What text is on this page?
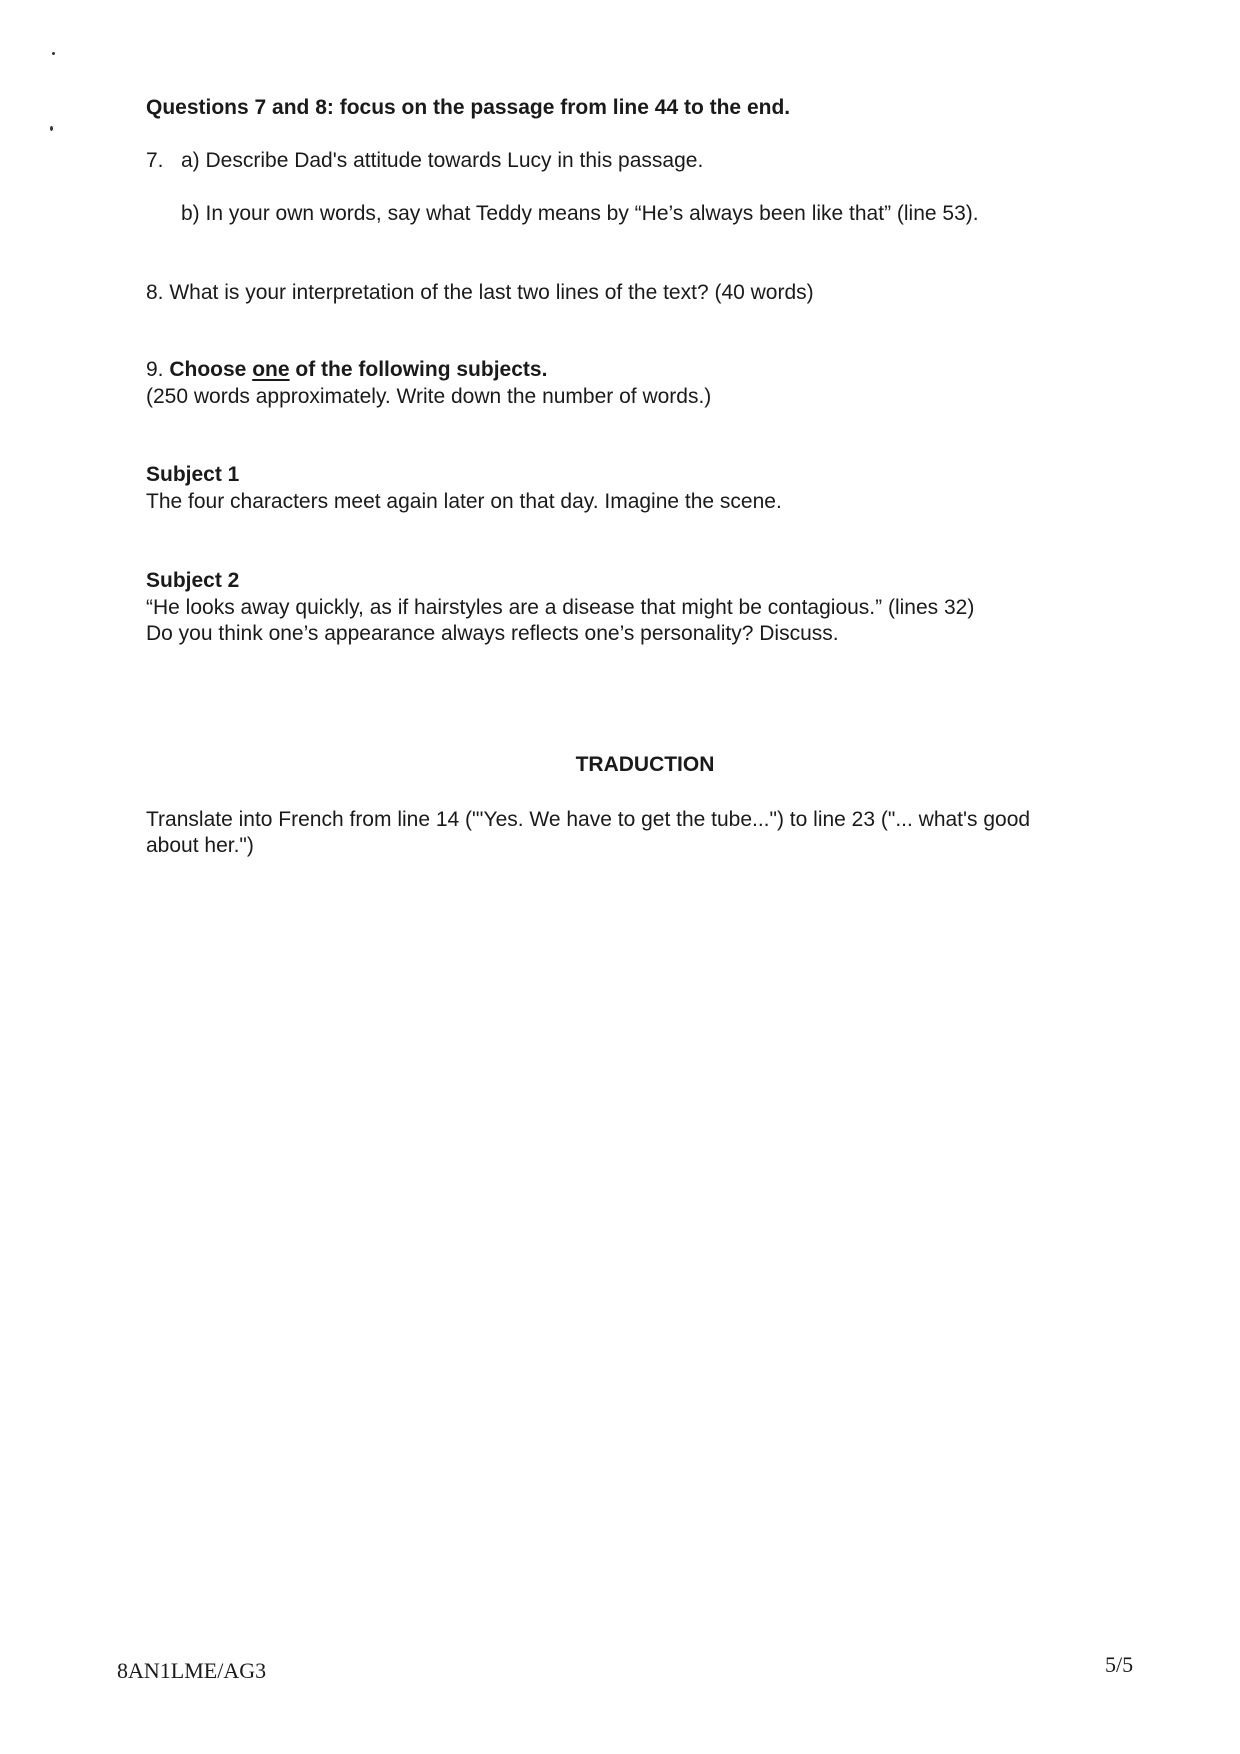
Questions 7 and 8: focus on the passage from line 44 to the end.

7. a) Describe Dad's attitude towards Lucy in this passage.

b) In your own words, say what Teddy means by “He’s always been like that” (line 53).

8. What is your interpretation of the last two lines of the text? (40 words)

9. Choose one of the following subjects.

(250 words approximately. Write down the number of words.)

Subject 1

The four characters meet again later on that day. Imagine the scene.

Subject 2

“He looks away quickly, as if hairstyles are a disease that might be contagious.” (lines 32)

Do you think one’s appearance always reflects one’s personality? Discuss.

TRADUCTION

Translate into French from line 14 ("'Yes. We have to get the tube...") to line 23 ("... what's good

about her.")

8AN1LME/AG3	5/5
